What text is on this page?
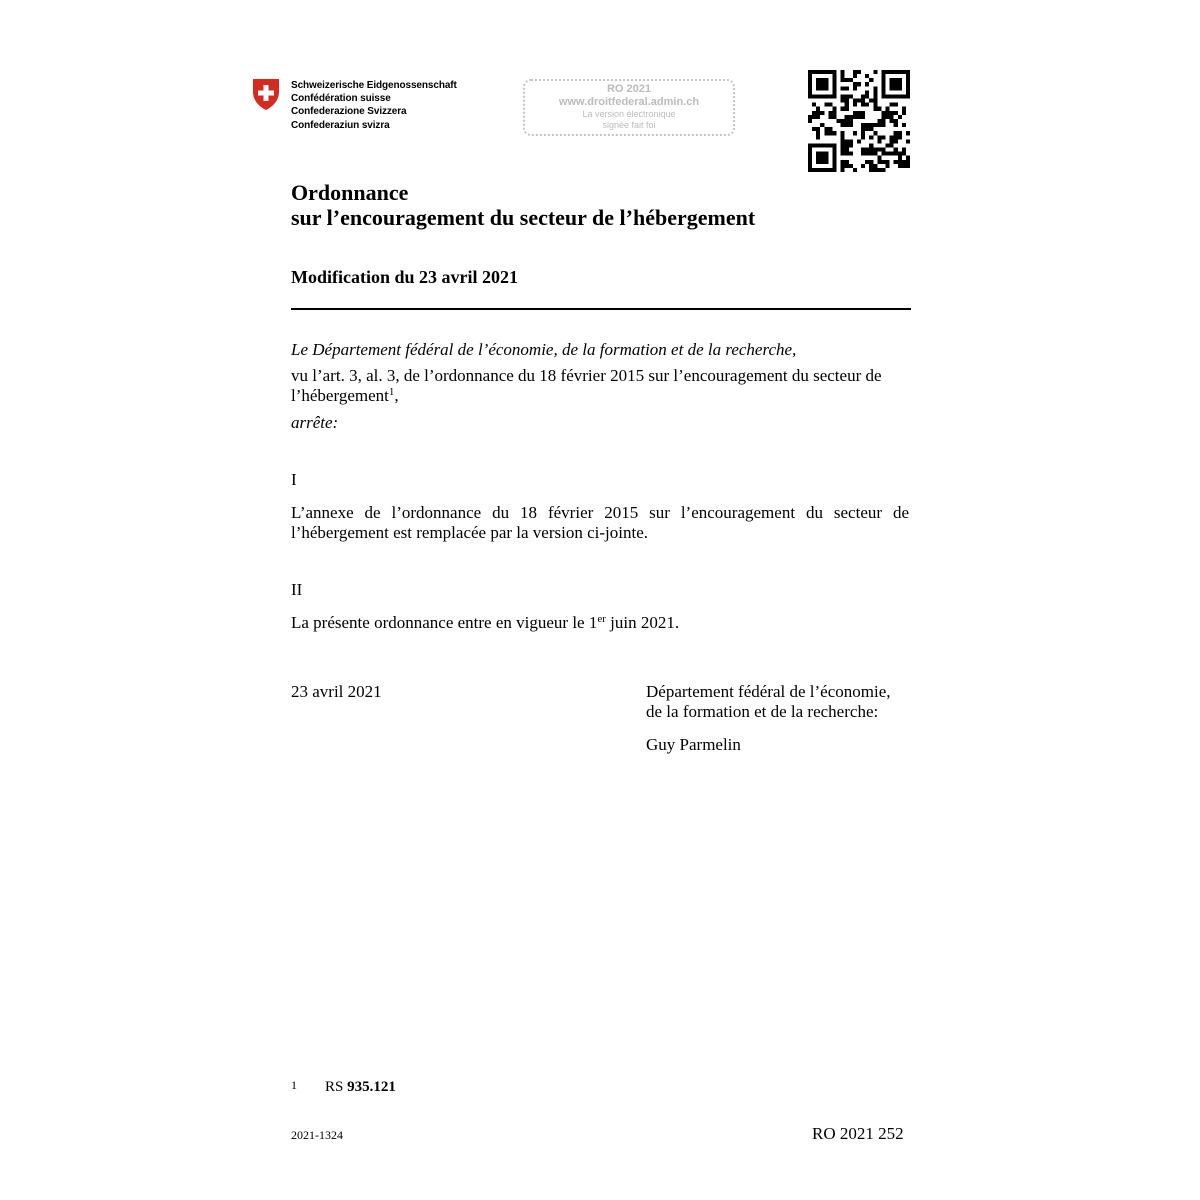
Schweizerische Eidgenossenschaft
Confédération suisse
Confederazione Svizzera
Confederaziun svizra
RO 2021
www.droitfederal.admin.ch
La version électronique
signée fait foi
Ordonnance
sur l’encouragement du secteur de l’hébergement
Modification du 23 avril 2021
Le Département fédéral de l’économie, de la formation et de la recherche,
vu l’art. 3, al. 3, de l’ordonnance du 18 février 2015 sur l’encouragement du secteur de l’hébergement$^1$,
arrête:
I
L’annexe de l’ordonnance du 18 février 2015 sur l’encouragement du secteur de l’hébergement est remplacée par la version ci-jointe.
II
La présente ordonnance entre en vigueur le 1er juin 2021.
23 avril 2021	Département fédéral de l’économie,
de la formation et de la recherche:
Guy Parmelin
1 RS 935.121
2021-1324	RO 2021 252
